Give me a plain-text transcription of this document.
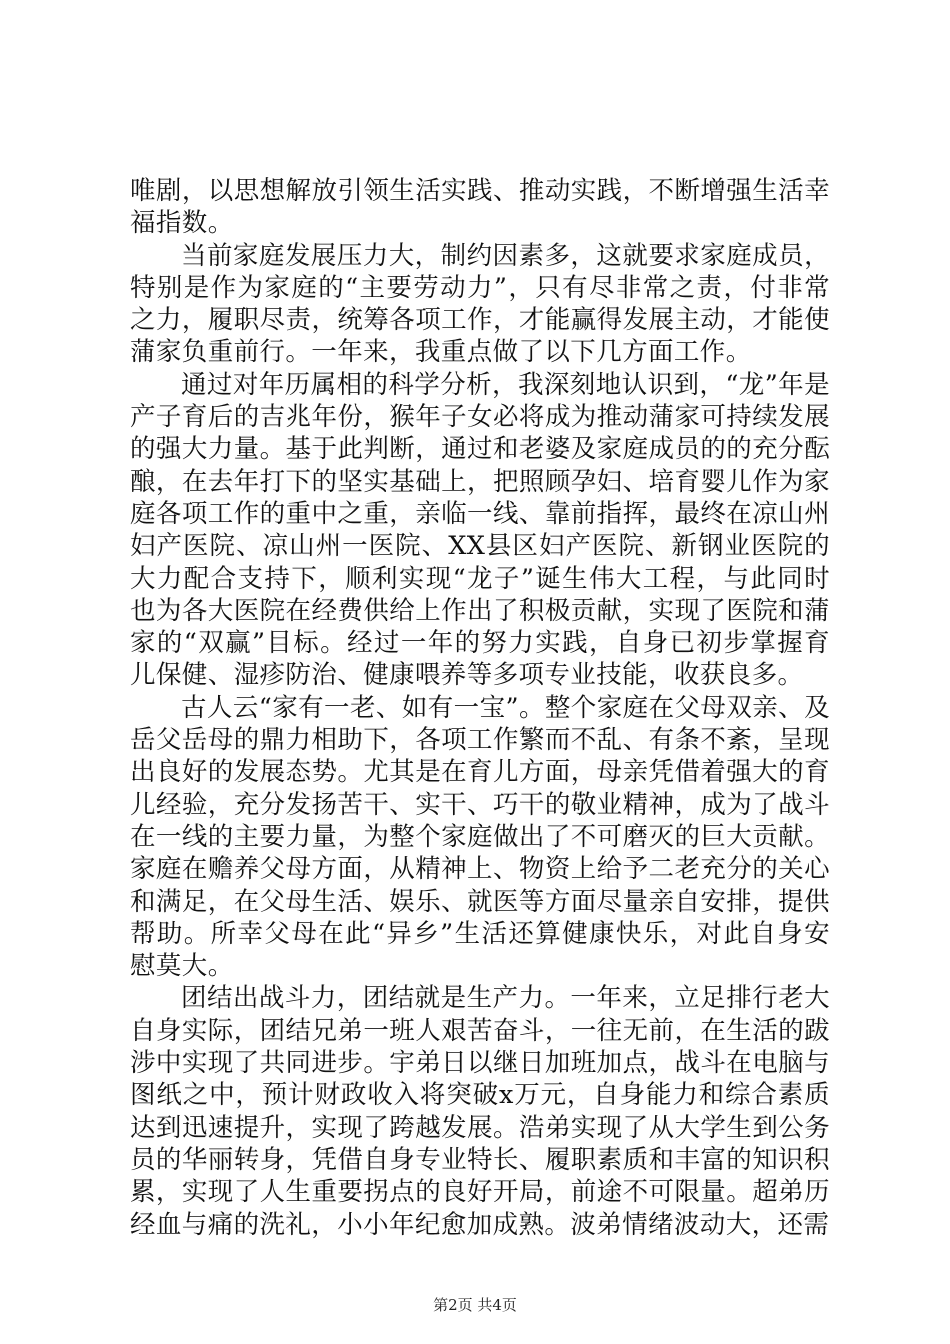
唯剧，以思想解放引领生活实践、推动实践，不断增强生活幸福指数。

当前家庭发展压力大，制约因素多，这就要求家庭成员，特别是作为家庭的“主要劳动力”，只有尽非常之责，付非常之力，履职尽责，统筹各项工作，才能赢得发展主动，才能使蒲家负重前行。一年来，我重点做了以下几方面工作。

通过对年历属相的科学分析，我深刻地认识到，“龙”年是产子育后的吉兆年份，猴年子女必将成为推动蒲家可持续发展的强大力量。基于此判断，通过和老婆及家庭成员的的充分酝酿，在去年打下的坚实基础上，把照顾孕妇、培育婴儿作为家庭各项工作的重中之重，亲临一线、靠前指挥，最终在凉山州妇产医院、凉山州一医院、XX县区妇产医院、新钢业医院的大力配合支持下，顺利实现“龙子”诞生伟大工程，与此同时也为各大医院在经费供给上作出了积极贡献，实现了医院和蒲家的“双赢”目标。经过一年的努力实践，自身已初步掌握育儿保健、湿疹防治、健康喂养等多项专业技能，收获良多。

古人云“家有一老、如有一宝”。整个家庭在父母双亲、及岳父岳母的鼎力相助下，各项工作繁而不乱、有条不紊，呈现出良好的发展态势。尤其是在育儿方面，母亲凭借着强大的育儿经验，充分发扬苦干、实干、巧干的敬业精神，成为了战斗在一线的主要力量，为整个家庭做出了不可磨灭的巨大贡献。家庭在赡养父母方面，从精神上、物资上给予二老充分的关心和满足，在父母生活、娱乐、就医等方面尽量亲自安排，提供帮助。所幸父母在此“异乡”生活还算健康快乐，对此自身安慰莫大。

团结出战斗力，团结就是生产力。一年来，立足排行老大自身实际，团结兄弟一班人艰苦奋斗，一往无前，在生活的跋涉中实现了共同进步。宇弟日以继日加班加点，战斗在电脑与图纸之中，预计财政收入将突破x万元，自身能力和综合素质达到迅速提升，实现了跨越发展。浩弟实现了从大学生到公务员的华丽转身，凭借自身专业特长、履职素质和丰富的知识积累，实现了人生重要拐点的良好开局，前途不可限量。超弟历经血与痛的洗礼，小小年纪愈加成熟。波弟情绪波动大，还需

第2页 共4页
